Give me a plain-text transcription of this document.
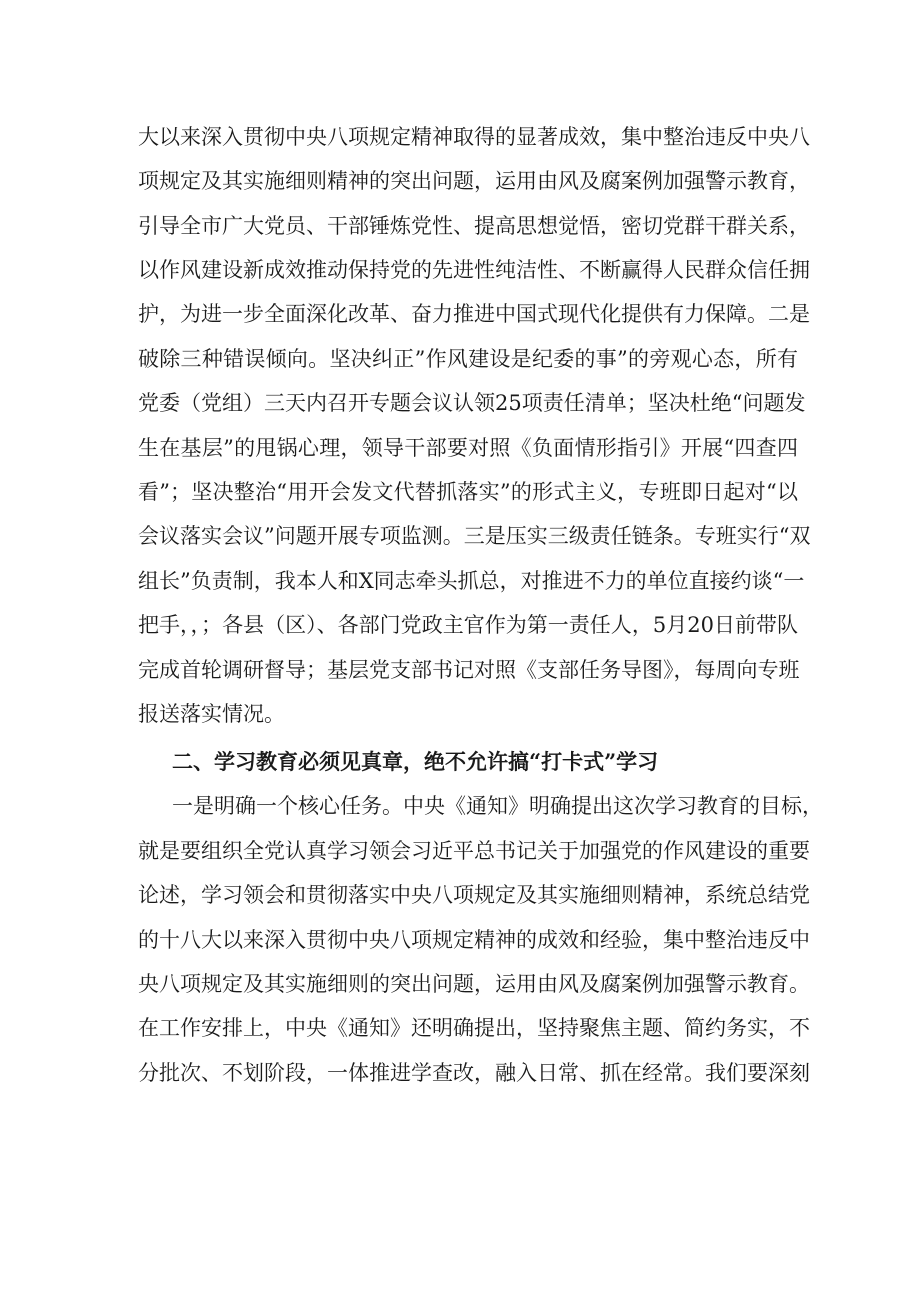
大以来深入贯彻中央八项规定精神取得的显著成效，集中整治违反中央八
项规定及其实施细则精神的突出问题，运用由风及腐案例加强警示教育，
引导全市广大党员、干部锤炼党性、提高思想觉悟，密切党群干群关系，
以作风建设新成效推动保持党的先进性纯洁性、不断赢得人民群众信任拥
护，为进一步全面深化改革、奋力推进中国式现代化提供有力保障。二是
破除三种错误倾向。坚决纠正”作风建设是纪委的事”的旁观心态，所有
党委（党组）三天内召开专题会议认领25项责任清单；坚决杜绝“问题发
生在基层”的甩锅心理，领导干部要对照《负面情形指引》开展“四查四
看”；坚决整治“用开会发文代替抓落实”的形式主义，专班即日起对“以
会议落实会议”问题开展专项监测。三是压实三级责任链条。专班实行“双
组长”负责制，我本人和X同志牵头抓总，对推进不力的单位直接约谈“一
把手，，；各县（区）、各部门党政主官作为第一责任人，5月20日前带队
完成首轮调研督导；基层党支部书记对照《支部任务导图》，每周向专班
报送落实情况。
二、学习教育必须见真章，绝不允许搞“打卡式”学习
一是明确一个核心任务。中央《通知》明确提出这次学习教育的目标，
就是要组织全党认真学习领会习近平总书记关于加强党的作风建设的重要
论述，学习领会和贯彻落实中央八项规定及其实施细则精神，系统总结党
的十八大以来深入贯彻中央八项规定精神的成效和经验，集中整治违反中
央八项规定及其实施细则的突出问题，运用由风及腐案例加强警示教育。
在工作安排上，中央《通知》还明确提出，坚持聚焦主题、简约务实，不
分批次、不划阶段，一体推进学查改，融入日常、抓在经常。我们要深刻
